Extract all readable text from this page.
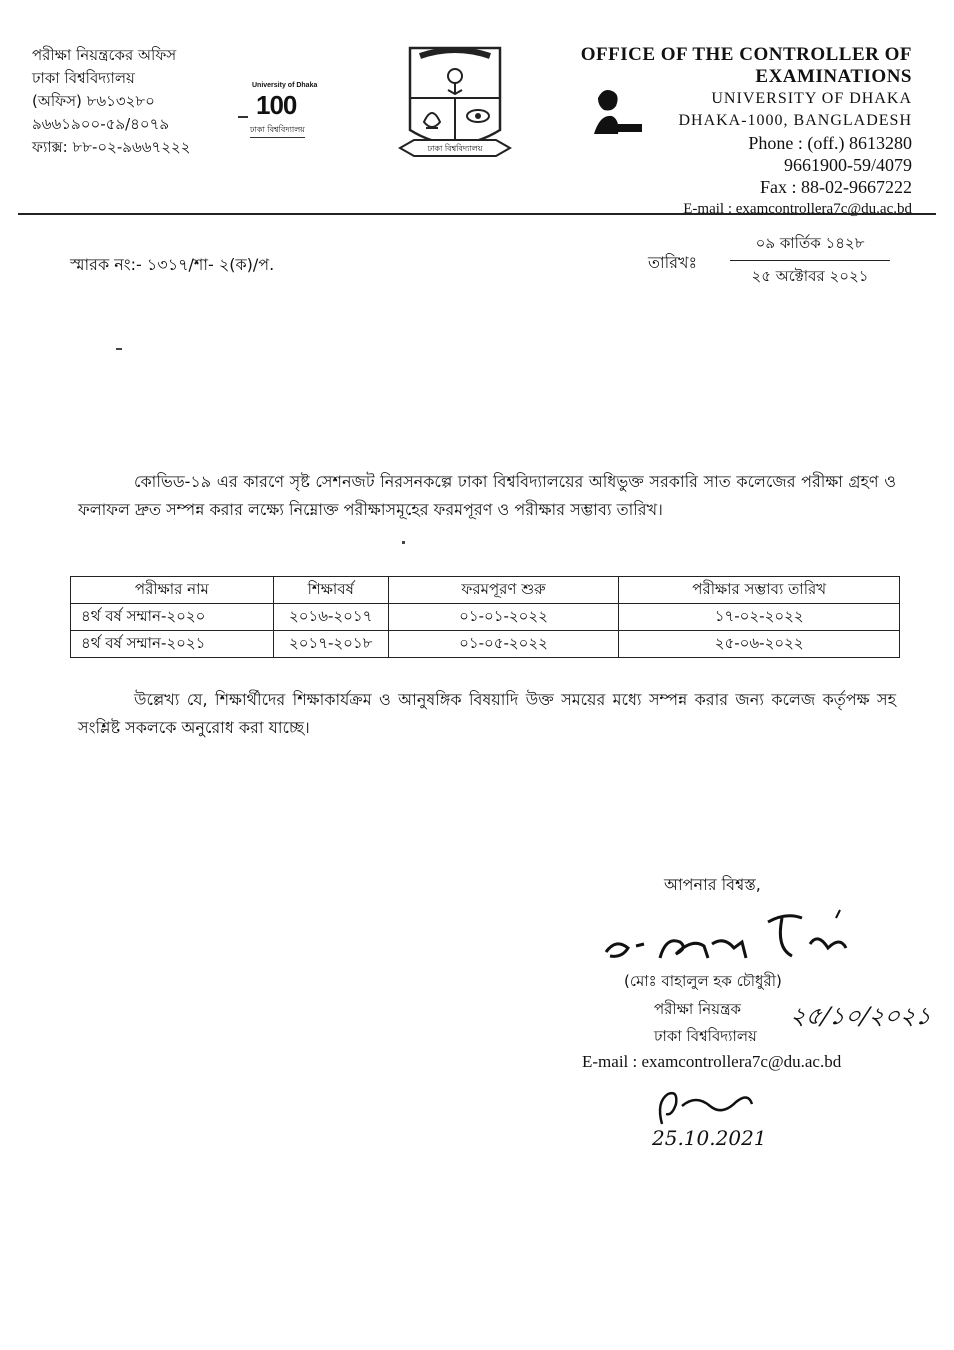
পরীক্ষা নিয়ন্ত্রকের অফিস
ঢাকা বিশ্ববিদ্যালয়
(অফিস) ৮৬১৩২৮০
৯৬৬১৯০০-৫৯/৪০৭৯
ফ্যাক্স: ৮৮-০২-৯৬৬৭২২২
University of Dhaka
100
ঢাকা বিশ্ববিদ্যালয়
ঢাকা বিশ্ববিদ্যালয়
OFFICE OF THE CONTROLLER OF
EXAMINATIONS
UNIVERSITY OF DHAKA
DHAKA-1000, BANGLADESH
Phone : (off.) 8613280
9661900-59/4079
Fax : 88-02-9667222
E-mail : examcontrollera7c@du.ac.bd
স্মারক নং:- ১৩১৭/শা- ২(ক)/প.	তারিখঃ
০৯ কার্তিক ১৪২৮
২৫ অক্টোবর ২০২১
কোভিড-১৯ এর কারণে সৃষ্ট সেশনজট নিরসনকল্পে ঢাকা বিশ্ববিদ্যালয়ের অধিভুক্ত সরকারি সাত কলেজের পরীক্ষা গ্রহণ ও ফলাফল দ্রুত সম্পন্ন করার লক্ষ্যে নিম্নোক্ত পরীক্ষাসমূহের ফরমপূরণ ও পরীক্ষার সম্ভাব্য তারিখ।
পরীক্ষার নাম	শিক্ষাবর্ষ	ফরমপূরণ শুরু	পরীক্ষার সম্ভাব্য তারিখ
৪র্থ বর্ষ সম্মান-২০২০	২০১৬-২০১৭	০১-০১-২০২২	১৭-০২-২০২২
৪র্থ বর্ষ সম্মান-২০২১	২০১৭-২০১৮	০১-০৫-২০২২	২৫-০৬-২০২২
উল্লেখ্য যে, শিক্ষার্থীদের শিক্ষাকার্যক্রম ও আনুষঙ্গিক বিষয়াদি উক্ত সময়ের মধ্যে সম্পন্ন করার জন্য কলেজ কর্তৃপক্ষ সহ সংশ্লিষ্ট সকলকে অনুরোধ করা যাচ্ছে।
আপনার বিশ্বস্ত,
(মোঃ বাহালুল হক চৌধুরী)
পরীক্ষা নিয়ন্ত্রক ২৫/১০/২০২১
ঢাকা বিশ্ববিদ্যালয়
E-mail : examcontrollera7c@du.ac.bd
25.10.2021
